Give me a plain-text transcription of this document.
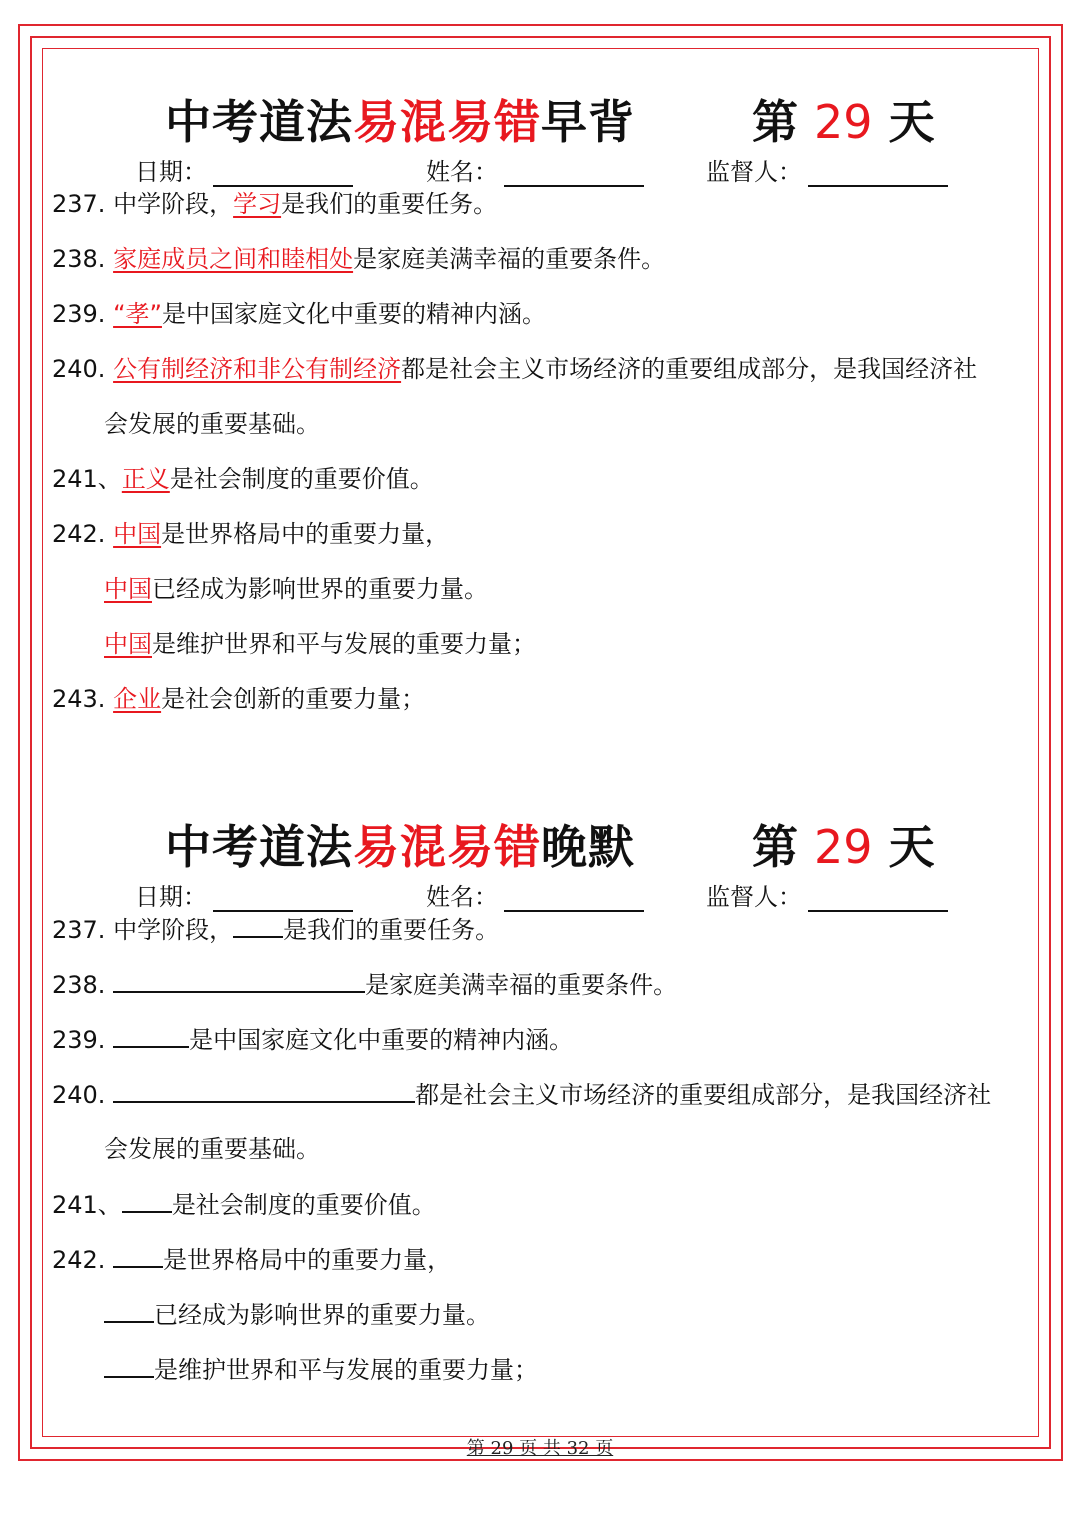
中考道法易混易错早背	第 29 天
日期：	姓名：	监督人：
237. 中学阶段，学习是我们的重要任务。
238. 家庭成员之间和睦相处是家庭美满幸福的重要条件。
239. “孝”是中国家庭文化中重要的精神内涵。
240. 公有制经济和非公有制经济都是社会主义市场经济的重要组成部分，是我国经济社
会发展的重要基础。
241、正义是社会制度的重要价值。
242. 中国是世界格局中的重要力量，
中国已经成为影响世界的重要力量。
中国是维护世界和平与发展的重要力量；
243. 企业是社会创新的重要力量；
中考道法易混易错晚默	第 29 天
日期：	姓名：	监督人：
237. 中学阶段， 是我们的重要任务。
238.	是家庭美满幸福的重要条件。
239.	是中国家庭文化中重要的精神内涵。
240.	都是社会主义市场经济的重要组成部分，是我国经济社
会发展的重要基础。
241、 是社会制度的重要价值。
242. 是世界格局中的重要力量，
已经成为影响世界的重要力量。
是维护世界和平与发展的重要力量；
第 29 页 共 32 页
